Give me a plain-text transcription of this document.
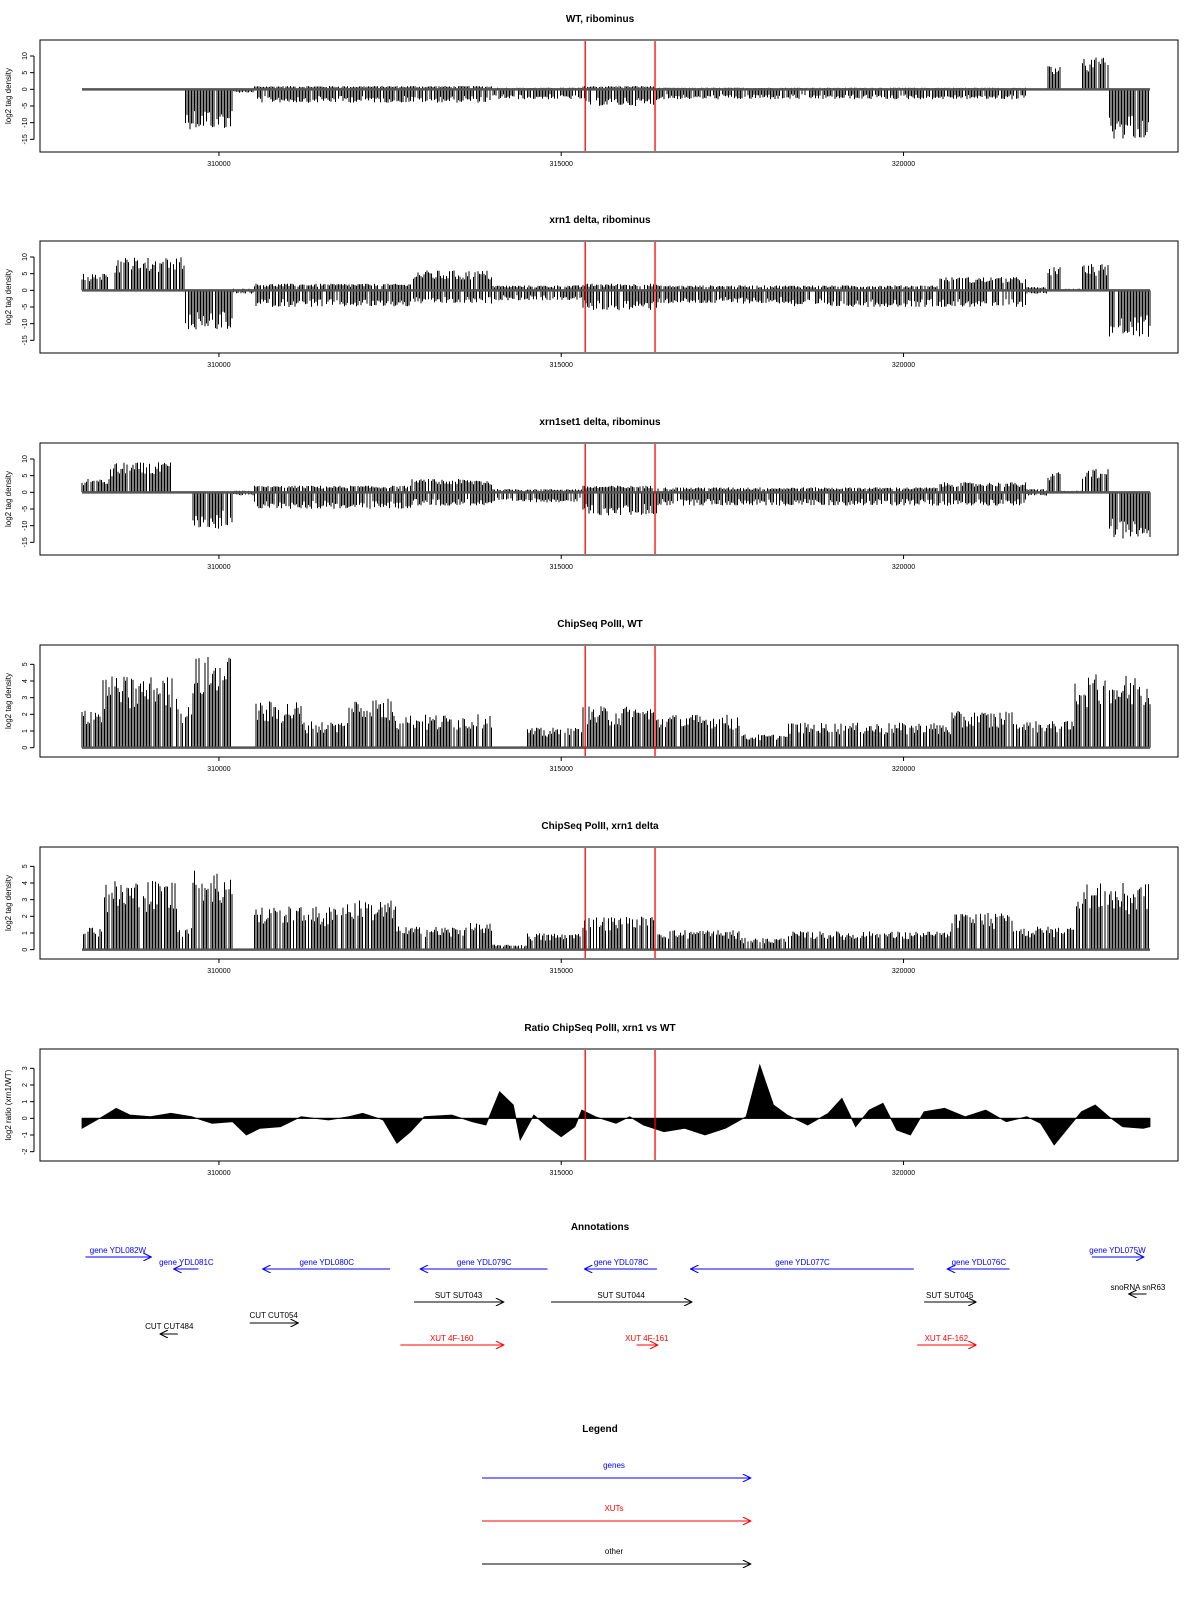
WT, ribominus
log2 tag density
-15
-10
-5
0
5
10
310000	315000	320000
xrn1 delta, ribominus
log2 tag density
-15
-10
-5
0
5
10
310000	315000	320000
xrn1set1 delta, ribominus
log2 tag density
-15
-10
-5
0
5
10
310000	315000	320000
ChipSeq PolII, WT
log2 tag density
0
1
2
3
4
5
310000	315000	320000
ChipSeq PolII, xrn1 delta
log2 tag density
0
1
2
3
4
5
310000	315000	320000
Ratio ChipSeq PolII, xrn1 vs WT
log2 ratio (xrn1/WT)
-2
-1
0
1
2
3
310000	315000	320000
Annotations
gene YDL082W
gene YDL081C	gene YDL080C	gene YDL079C	gene YDL078C	gene YDL077C	gene YDL076C
gene YDL075W
snoRNA snR63
SUT SUT043	SUT SUT044	SUT SUT045
CUT CUT054
CUT CUT484
XUT 4F-160	XUT 4F-161	XUT 4F-162
Legend
genes
XUTs
other
